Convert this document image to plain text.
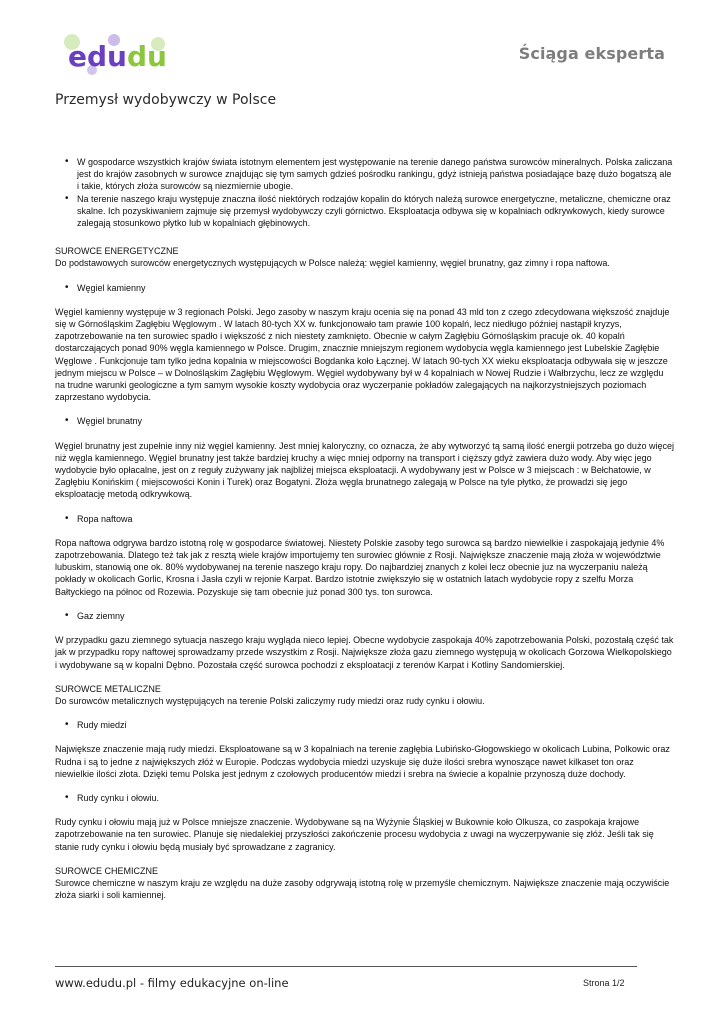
edudu	Ściąga eksperta
Przemysł wydobywczy w Polsce
• W gospodarce wszystkich krajów świata istotnym elementem jest występowanie na terenie danego państwa surowców mineralnych. Polska zaliczana jest do krajów zasobnych w surowce znajdując się tym samych gdzieś pośrodku rankingu, gdyż istnieją państwa posiadające bazę dużo bogatszą ale i takie, których złoża surowców są niezmiernie ubogie.
• Na terenie naszego kraju występuje znaczna ilość niektórych rodzajów kopalin do których należą surowce energetyczne, metaliczne, chemiczne oraz skalne. Ich pozyskiwaniem zajmuje się przemysł wydobywczy czyli górnictwo. Eksploatacja odbywa się w kopalniach odkrywkowych, kiedy surowce zalegają stosunkowo płytko lub w kopalniach głębinowych.
SUROWCE ENERGETYCZNE
Do podstawowych surowców energetycznych występujących w Polsce należą: węgiel kamienny, węgiel brunatny, gaz zimny i ropa naftowa.
• Węgiel kamienny
Węgiel kamienny występuje w 3 regionach Polski. Jego zasoby w naszym kraju ocenia się na ponad 43 mld ton z czego zdecydowana większość znajduje się w Górnośląskim Zagłębiu Węglowym . W latach 80-tych XX w. funkcjonowało tam prawie 100 kopalń, lecz niedługo później nastąpił kryzys, zapotrzebowanie na ten surowiec spadło i większość z nich niestety zamknięto. Obecnie w całym Zagłębiu Górnośląskim pracuje ok. 40 kopalń dostarczających ponad 90% węgla kamiennego w Polsce. Drugim, znacznie mniejszym regionem wydobycia węgla kamiennego jest Lubelskie Zagłębie Węglowe . Funkcjonuje tam tylko jedna kopalnia w miejscowości Bogdanka koło Łącznej. W latach 90-tych XX wieku eksploatacja odbywała się w jeszcze jednym miejscu w Polsce – w Dolnośląskim Zagłębiu Węglowym. Węgiel wydobywany był w 4 kopalniach w Nowej Rudzie i Wałbrzychu, lecz ze względu na trudne warunki geologiczne a tym samym wysokie koszty wydobycia oraz wyczerpanie pokładów zalegających na najkorzystniejszych poziomach zaprzestano wydobycia.
• Węgiel brunatny
Węgiel brunatny jest zupełnie inny niż węgiel kamienny. Jest mniej kaloryczny, co oznacza, że aby wytworzyć tą samą ilość energii potrzeba go dużo więcej niż węgla kamiennego. Węgiel brunatny jest także bardziej kruchy a więc mniej odporny na transport i cięższy gdyż zawiera dużo wody. Aby więc jego wydobycie było opłacalne, jest on z reguły zużywany jak najbliżej miejsca eksploatacji. A wydobywany jest w Polsce w 3 miejscach : w Bełchatowie, w Zagłębiu Konińskim ( miejscowości Konin i Turek) oraz Bogatyni. Złoża węgla brunatnego zalegają w Polsce na tyle płytko, że prowadzi się jego eksploatację metodą odkrywkową.
• Ropa naftowa
Ropa naftowa odgrywa bardzo istotną rolę w gospodarce światowej. Niestety Polskie zasoby tego surowca są bardzo niewielkie i zaspokajają jedynie 4% zapotrzebowania. Dlatego też tak jak z resztą wiele krajów importujemy ten surowiec głównie z Rosji. Największe znaczenie mają złoża w województwie lubuskim, stanowią one ok. 80% wydobywanej na terenie naszego kraju ropy. Do najbardziej znanych z kolei lecz obecnie juz na wyczerpaniu należą pokłady w okolicach Gorlic, Krosna i Jasła czyli w rejonie Karpat. Bardzo istotnie zwiększyło się w ostatnich latach wydobycie ropy z szelfu Morza Bałtyckiego na północ od Rozewia. Pozyskuje się tam obecnie już ponad 300 tys. ton surowca.
• Gaz ziemny
W przypadku gazu ziemnego sytuacja naszego kraju wygląda nieco lepiej. Obecne wydobycie zaspokaja 40% zapotrzebowania Polski, pozostałą część tak jak w przypadku ropy naftowej sprowadzamy przede wszystkim z Rosji. Największe złoża gazu ziemnego występują w okolicach Gorzowa Wielkopolskiego i wydobywane są w kopalni Dębno. Pozostała część surowca pochodzi z eksploatacji z terenów Karpat i Kotliny Sandomierskiej.
SUROWCE METALICZNE
Do surowców metalicznych występujących na terenie Polski zaliczymy rudy miedzi oraz rudy cynku i ołowiu.
• Rudy miedzi
Największe znaczenie mają rudy miedzi. Eksploatowane są w 3 kopalniach na terenie zagłębia Lubińsko-Głogowskiego w okolicach Lubina, Polkowic oraz Rudna i są to jedne z największych złóż w Europie. Podczas wydobycia miedzi uzyskuje się duże ilości srebra wynoszące nawet kilkaset ton oraz niewielkie ilości złota. Dzięki temu Polska jest jednym z czołowych producentów miedzi i srebra na świecie a kopalnie przynoszą duże dochody.
• Rudy cynku i ołowiu.
Rudy cynku i ołowiu mają już w Polsce mniejsze znaczenie. Wydobywane są na Wyżynie Śląskiej w Bukownie koło Olkusza, co zaspokaja krajowe zapotrzebowanie na ten surowiec. Planuje się niedalekiej przyszłości zakończenie procesu wydobycia z uwagi na wyczerpywanie się złóż. Jeśli tak się stanie rudy cynku i ołowiu będą musiały być sprowadzane z zagranicy.
SUROWCE CHEMICZNE
Surowce chemiczne w naszym kraju ze względu na duże zasoby odgrywają istotną rolę w przemyśle chemicznym. Największe znaczenie mają oczywiście złoża siarki i soli kamiennej.
www.edudu.pl - filmy edukacyjne on-line	Strona 1/2
